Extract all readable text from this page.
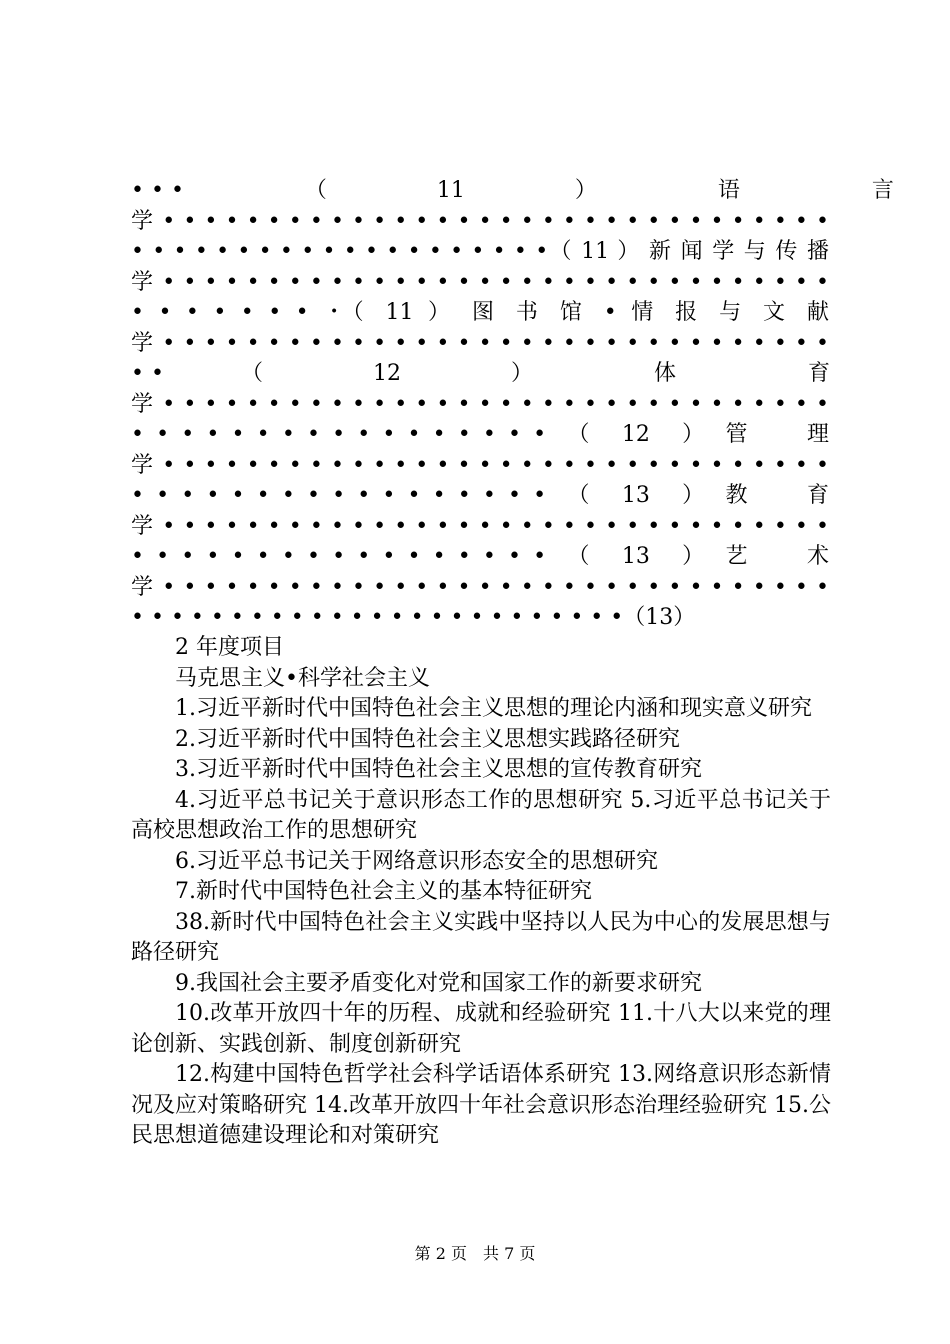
• • •　　　　　　（　　　　　11　　　　　）　　　　　　语　　　　　　言
学 • • • • • • • • • • • • • • • • • • • • • • • • • • • • • • • •
• • • • • • • • • • • • • • • • • • • •（ 11 ） 新 闻 学 与 传 播
学 • • • • • • • • • • • • • • • • • • • • • • • • • • • • • • • •
• • • • • • • ・（ 11 ） 图 书 馆 • 情 报 与 文 献
学 • • • • • • • • • • • • • • • • • • • • • • • • • • • • • • • •
• •　　　　（　　　　　12　　　　　）　　　　　　体　　　　　　育
学 • • • • • • • • • • • • • • • • • • • • • • • • • • • • • • • •
• • • • • • • • • • • • • • • • •　（　12　）　管　　理
学 • • • • • • • • • • • • • • • • • • • • • • • • • • • • • • • •
• • • • • • • • • • • • • • • • •　（　13　）　教　　育
学 • • • • • • • • • • • • • • • • • • • • • • • • • • • • • • • •
• • • • • • • • • • • • • • • • •　（　13　）　艺　　术
学 • • • • • • • • • • • • • • • • • • • • • • • • • • • • • • • •
• • • • • • • • • • • • • • • • • • • • • • • • •（13）

2 年度项目

马克思主义•科学社会主义

1.习近平新时代中国特色社会主义思想的理论内涵和现实意义研究

2.习近平新时代中国特色社会主义思想实践路径研究

3.习近平新时代中国特色社会主义思想的宣传教育研究

4.习近平总书记关于意识形态工作的思想研究 5.习近平总书记关于高校思想政治工作的思想研究

6.习近平总书记关于网络意识形态安全的思想研究

7.新时代中国特色社会主义的基本特征研究

38.新时代中国特色社会主义实践中坚持以人民为中心的发展思想与路径研究

9.我国社会主要矛盾变化对党和国家工作的新要求研究

10.改革开放四十年的历程、成就和经验研究 11.十八大以来党的理论创新、实践创新、制度创新研究

12.构建中国特色哲学社会科学话语体系研究 13.网络意识形态新情况及应对策略研究 14.改革开放四十年社会意识形态治理经验研究 15.公民思想道德建设理论和对策研究

第 2 页　共 7 页
